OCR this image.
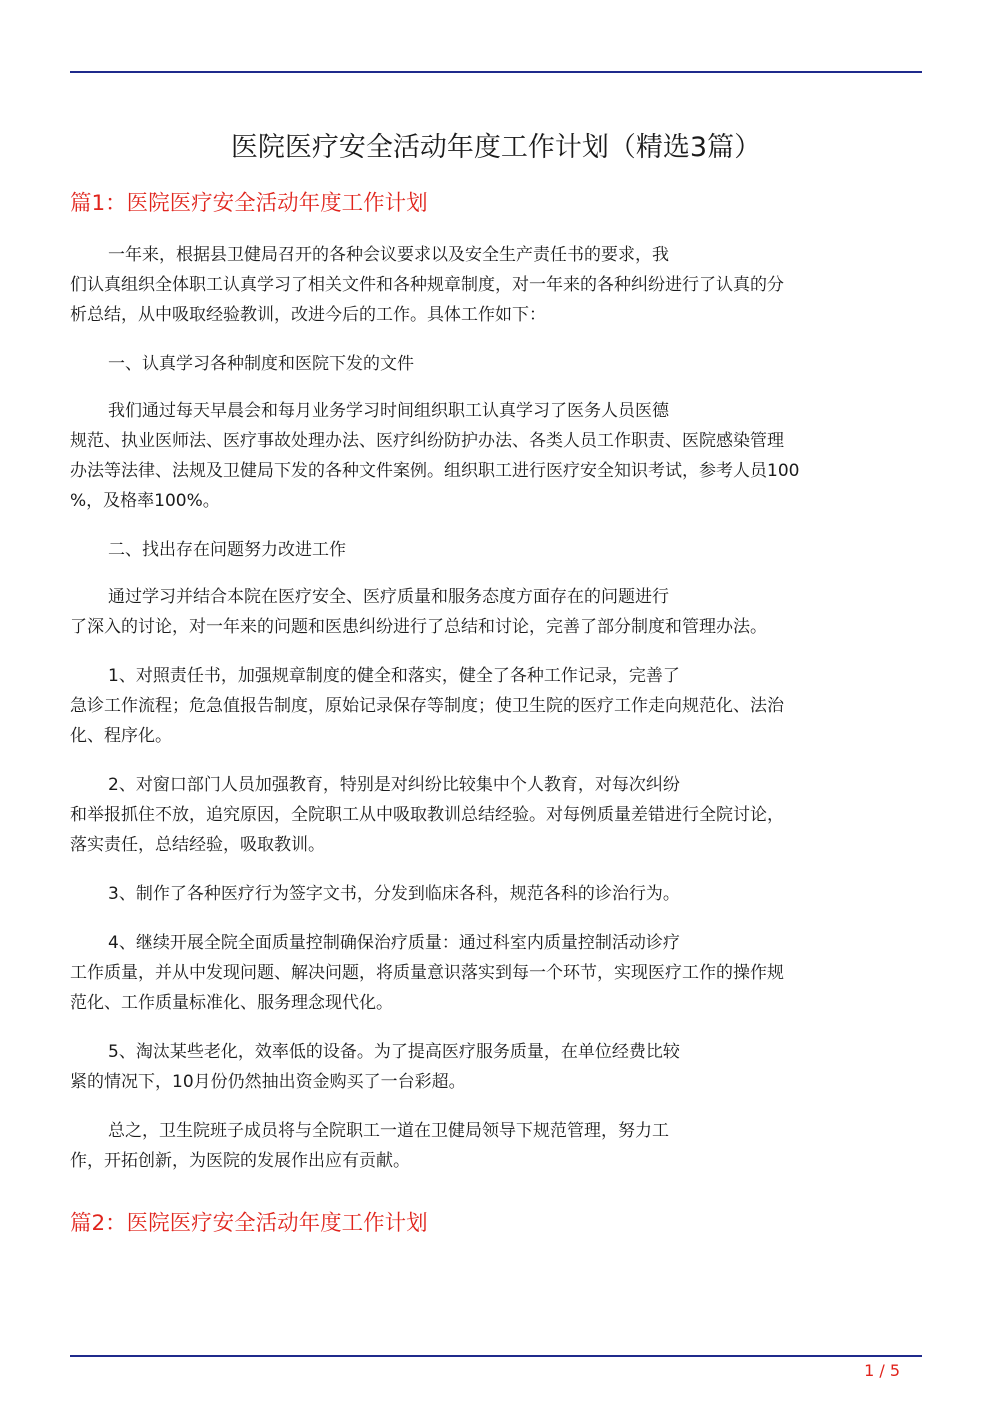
医院医疗安全活动年度工作计划（精选3篇）
篇1：医院医疗安全活动年度工作计划

一年来，根据县卫健局召开的各种会议要求以及安全生产责任书的要求，我
们认真组织全体职工认真学习了相关文件和各种规章制度，对一年来的各种纠纷进行了认真的分
析总结，从中吸取经验教训，改进今后的工作。具体工作如下：

一、认真学习各种制度和医院下发的文件

我们通过每天早晨会和每月业务学习时间组织职工认真学习了医务人员医德
规范、执业医师法、医疗事故处理办法、医疗纠纷防护办法、各类人员工作职责、医院感染管理
办法等法律、法规及卫健局下发的各种文件案例。组织职工进行医疗安全知识考试，参考人员100
%，及格率100%。

二、找出存在问题努力改进工作

通过学习并结合本院在医疗安全、医疗质量和服务态度方面存在的问题进行
了深入的讨论，对一年来的问题和医患纠纷进行了总结和讨论，完善了部分制度和管理办法。

1、对照责任书，加强规章制度的健全和落实，健全了各种工作记录，完善了
急诊工作流程；危急值报告制度，原始记录保存等制度；使卫生院的医疗工作走向规范化、法治
化、程序化。

2、对窗口部门人员加强教育，特别是对纠纷比较集中个人教育，对每次纠纷
和举报抓住不放，追究原因，全院职工从中吸取教训总结经验。对每例质量差错进行全院讨论，
落实责任，总结经验，吸取教训。

3、制作了各种医疗行为签字文书，分发到临床各科，规范各科的诊治行为。

4、继续开展全院全面质量控制确保治疗质量：通过科室内质量控制活动诊疗
工作质量，并从中发现问题、解决问题，将质量意识落实到每一个环节，实现医疗工作的操作规
范化、工作质量标准化、服务理念现代化。

5、淘汰某些老化，效率低的设备。为了提高医疗服务质量，在单位经费比较
紧的情况下，10月份仍然抽出资金购买了一台彩超。

总之，卫生院班子成员将与全院职工一道在卫健局领导下规范管理，努力工
作，开拓创新，为医院的发展作出应有贡献。

篇2：医院医疗安全活动年度工作计划
1 / 5
